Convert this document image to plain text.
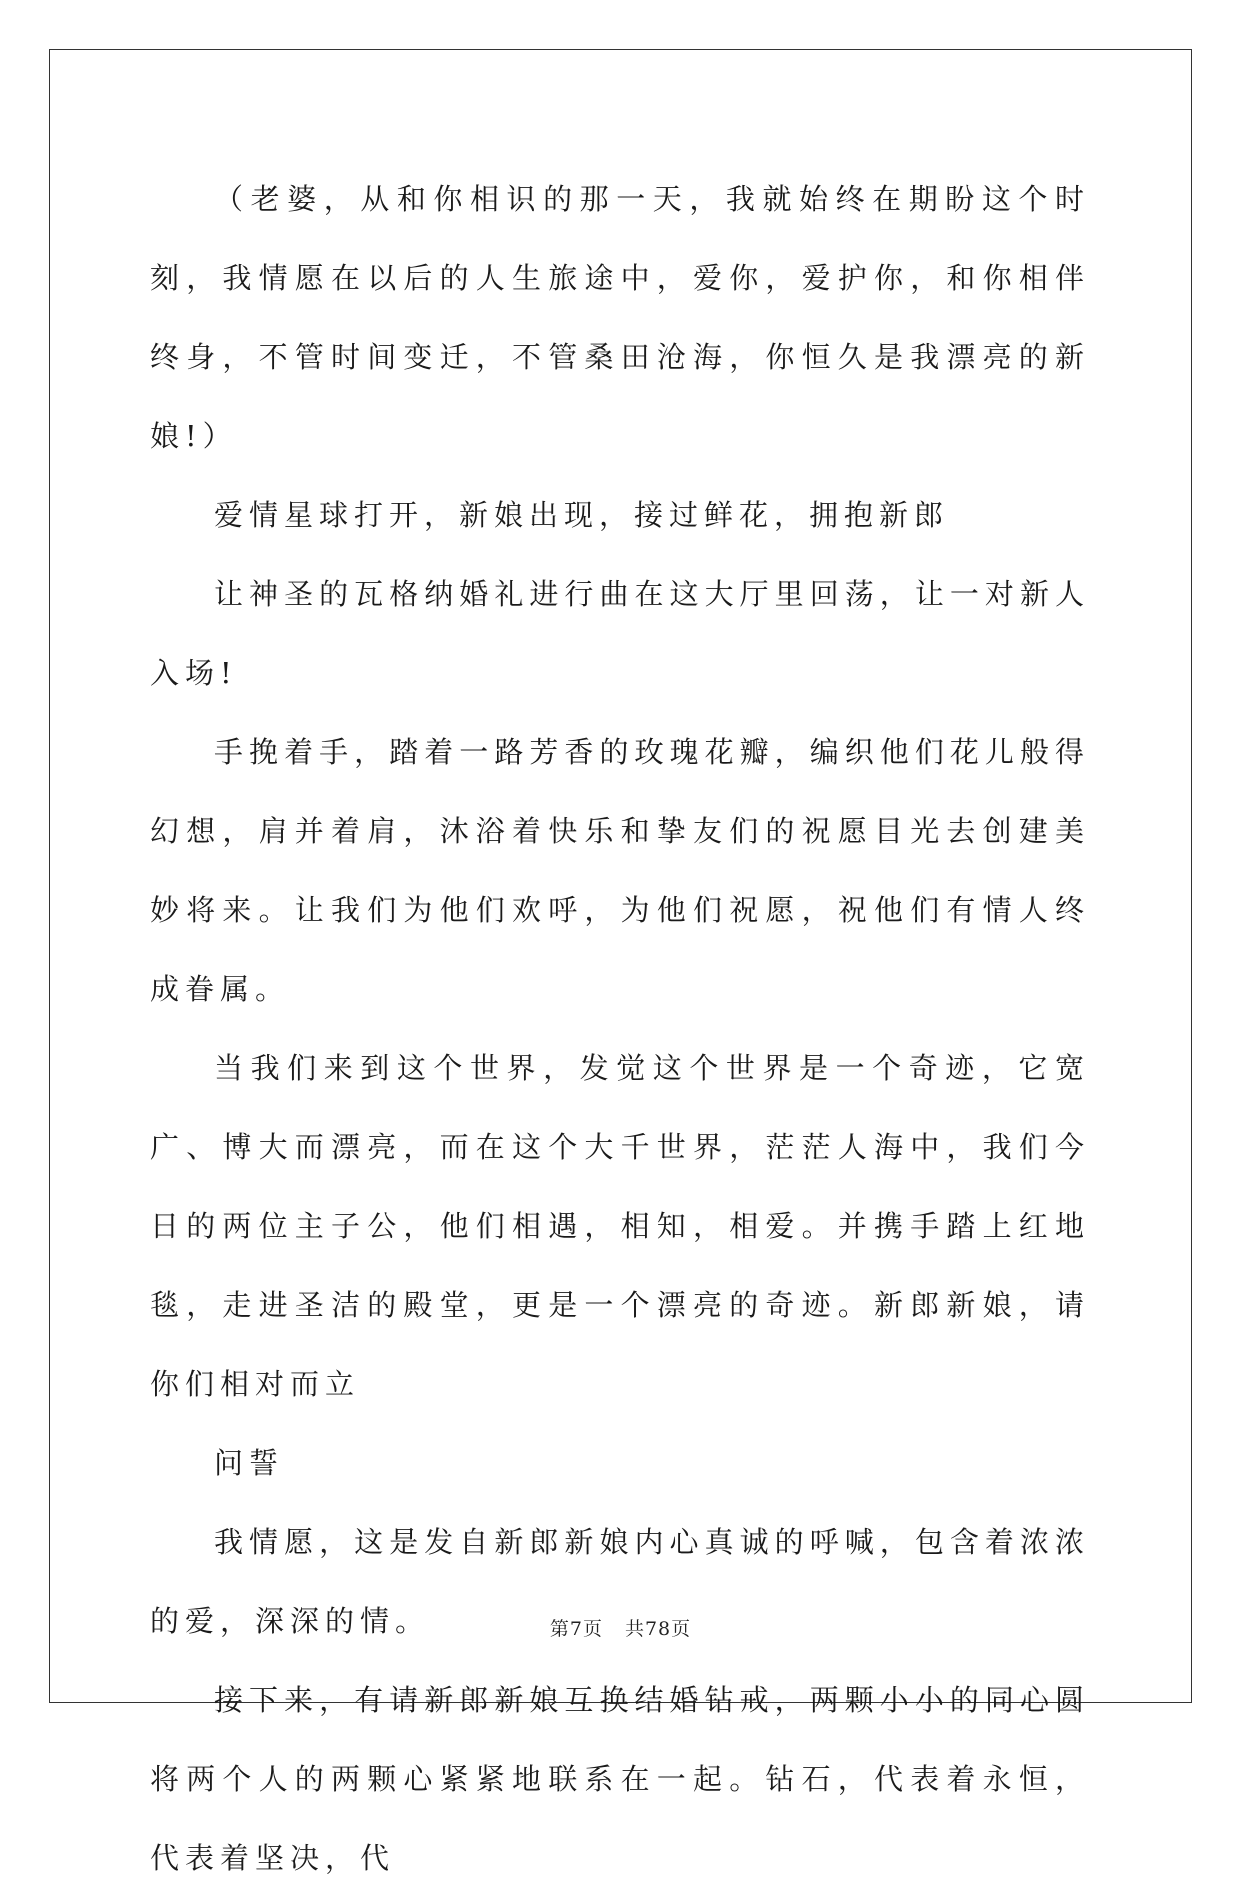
（老婆，从和你相识的那一天，我就始终在期盼这个时刻，我情愿在以后的人生旅途中，爱你，爱护你，和你相伴终身，不管时间变迁，不管桑田沧海，你恒久是我漂亮的新娘!）

爱情星球打开，新娘出现，接过鲜花，拥抱新郎

让神圣的瓦格纳婚礼进行曲在这大厅里回荡，让一对新人入场!

手挽着手，踏着一路芳香的玫瑰花瓣，编织他们花儿般得幻想，肩并着肩，沐浴着快乐和挚友们的祝愿目光去创建美妙将来。让我们为他们欢呼，为他们祝愿，祝他们有情人终成眷属。

当我们来到这个世界，发觉这个世界是一个奇迹，它宽广、博大而漂亮，而在这个大千世界，茫茫人海中，我们今日的两位主子公，他们相遇，相知，相爱。并携手踏上红地毯，走进圣洁的殿堂，更是一个漂亮的奇迹。新郎新娘，请你们相对而立

问誓

我情愿，这是发自新郎新娘内心真诚的呼喊，包含着浓浓的爱，深深的情。

接下来，有请新郎新娘互换结婚钻戒，两颗小小的同心圆将两个人的两颗心紧紧地联系在一起。钻石，代表着永恒，代表着坚决，代

第7页 共78页
